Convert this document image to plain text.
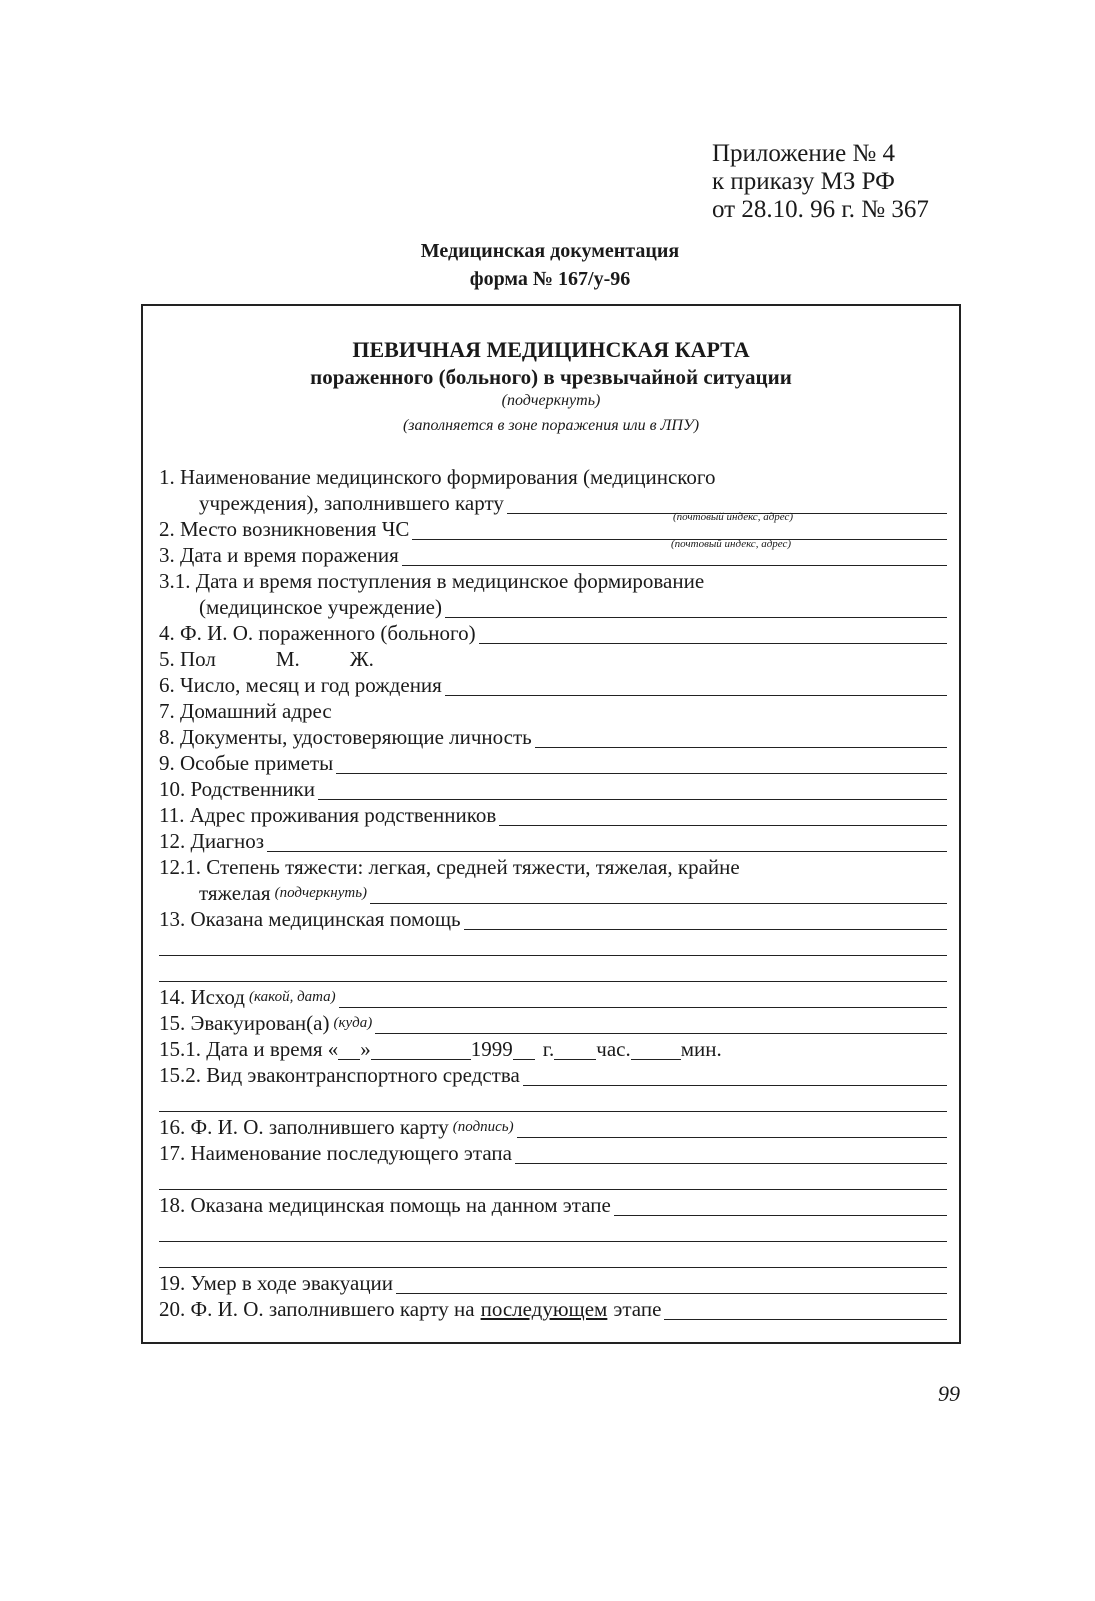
Приложение № 4
к приказу МЗ РФ
от 28.10. 96 г. № 367
Медицинская документация
форма № 167/у-96
ПЕВИЧНАЯ МЕДИЦИНСКАЯ КАРТА
пораженного (больного) в чрезвычайной ситуации
(подчеркнуть)
(заполняется в зоне поражения или в ЛПУ)
(почтовый индекс, адрес)
(почтовый индекс, адрес)
1. Наименование медицинского формирования (медицинского
учреждения), заполнившего карту
2. Место возникновения ЧС
3. Дата и время поражения
3.1. Дата и время поступления в медицинское формирование
(медицинское учреждение)
4. Ф. И. О. пораженного (больного)
5. Пол	М. Ж.
6. Число, месяц и год рождения
7. Домашний адрес
8. Документы, удостоверяющие личность
9. Особые приметы
10. Родственники
11. Адрес проживания родственников
12. Диагноз
12.1. Степень тяжести: легкая, средней тяжести, тяжелая, крайне
тяжелая (подчеркнуть)
13. Оказана медицинская помощь
14. Исход (какой, дата)
15. Эвакуирован(а) (куда)
15.1. Дата и время « »	1999 г. час. мин.
15.2. Вид эваконтранспортного средства
16. Ф. И. О. заполнившего карту (подпись)
17. Наименование последующего этапа
18. Оказана медицинская помощь на данном этапе
19. Умер в ходе эвакуации
20. Ф. И. О. заполнившего карту на последующем этапе
99
